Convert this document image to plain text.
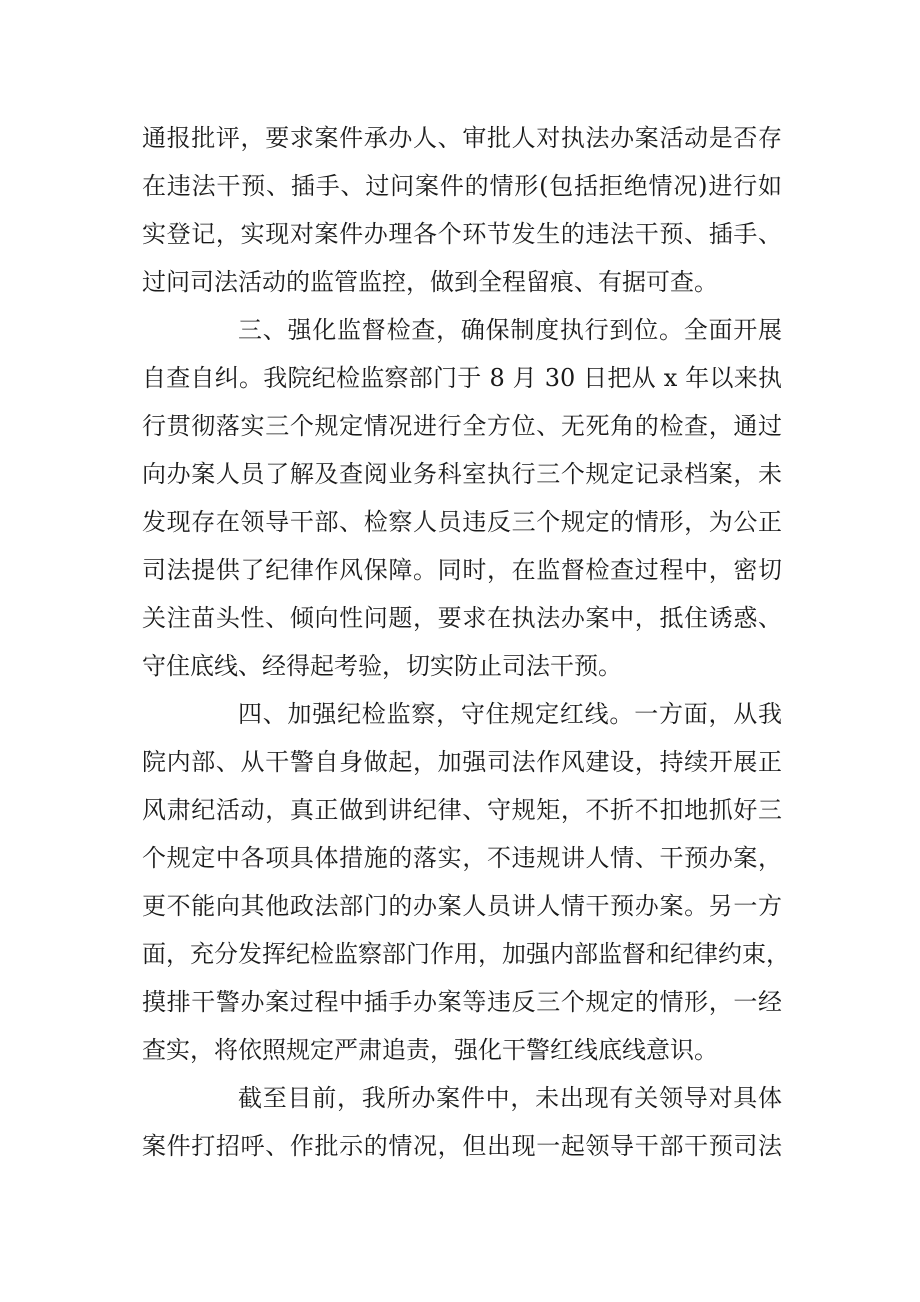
通报批评，要求案件承办人、审批人对执法办案活动是否存
在违法干预、插手、过问案件的情形(包括拒绝情况)进行如
实登记，实现对案件办理各个环节发生的违法干预、插手、
过问司法活动的监管监控，做到全程留痕、有据可查。
三、强化监督检查，确保制度执行到位。全面开展
自查自纠。我院纪检监察部门于 8 月 30 日把从 x 年以来执
行贯彻落实三个规定情况进行全方位、无死角的检查，通过
向办案人员了解及查阅业务科室执行三个规定记录档案，未
发现存在领导干部、检察人员违反三个规定的情形，为公正
司法提供了纪律作风保障。同时，在监督检查过程中，密切
关注苗头性、倾向性问题，要求在执法办案中，抵住诱惑、
守住底线、经得起考验，切实防止司法干预。
四、加强纪检监察，守住规定红线。一方面，从我
院内部、从干警自身做起，加强司法作风建设，持续开展正
风肃纪活动，真正做到讲纪律、守规矩，不折不扣地抓好三
个规定中各项具体措施的落实，不违规讲人情、干预办案，
更不能向其他政法部门的办案人员讲人情干预办案。另一方
面，充分发挥纪检监察部门作用，加强内部监督和纪律约束，
摸排干警办案过程中插手办案等违反三个规定的情形，一经
查实，将依照规定严肃追责，强化干警红线底线意识。
截至目前，我所办案件中，未出现有关领导对具体
案件打招呼、作批示的情况，但出现一起领导干部干预司法
